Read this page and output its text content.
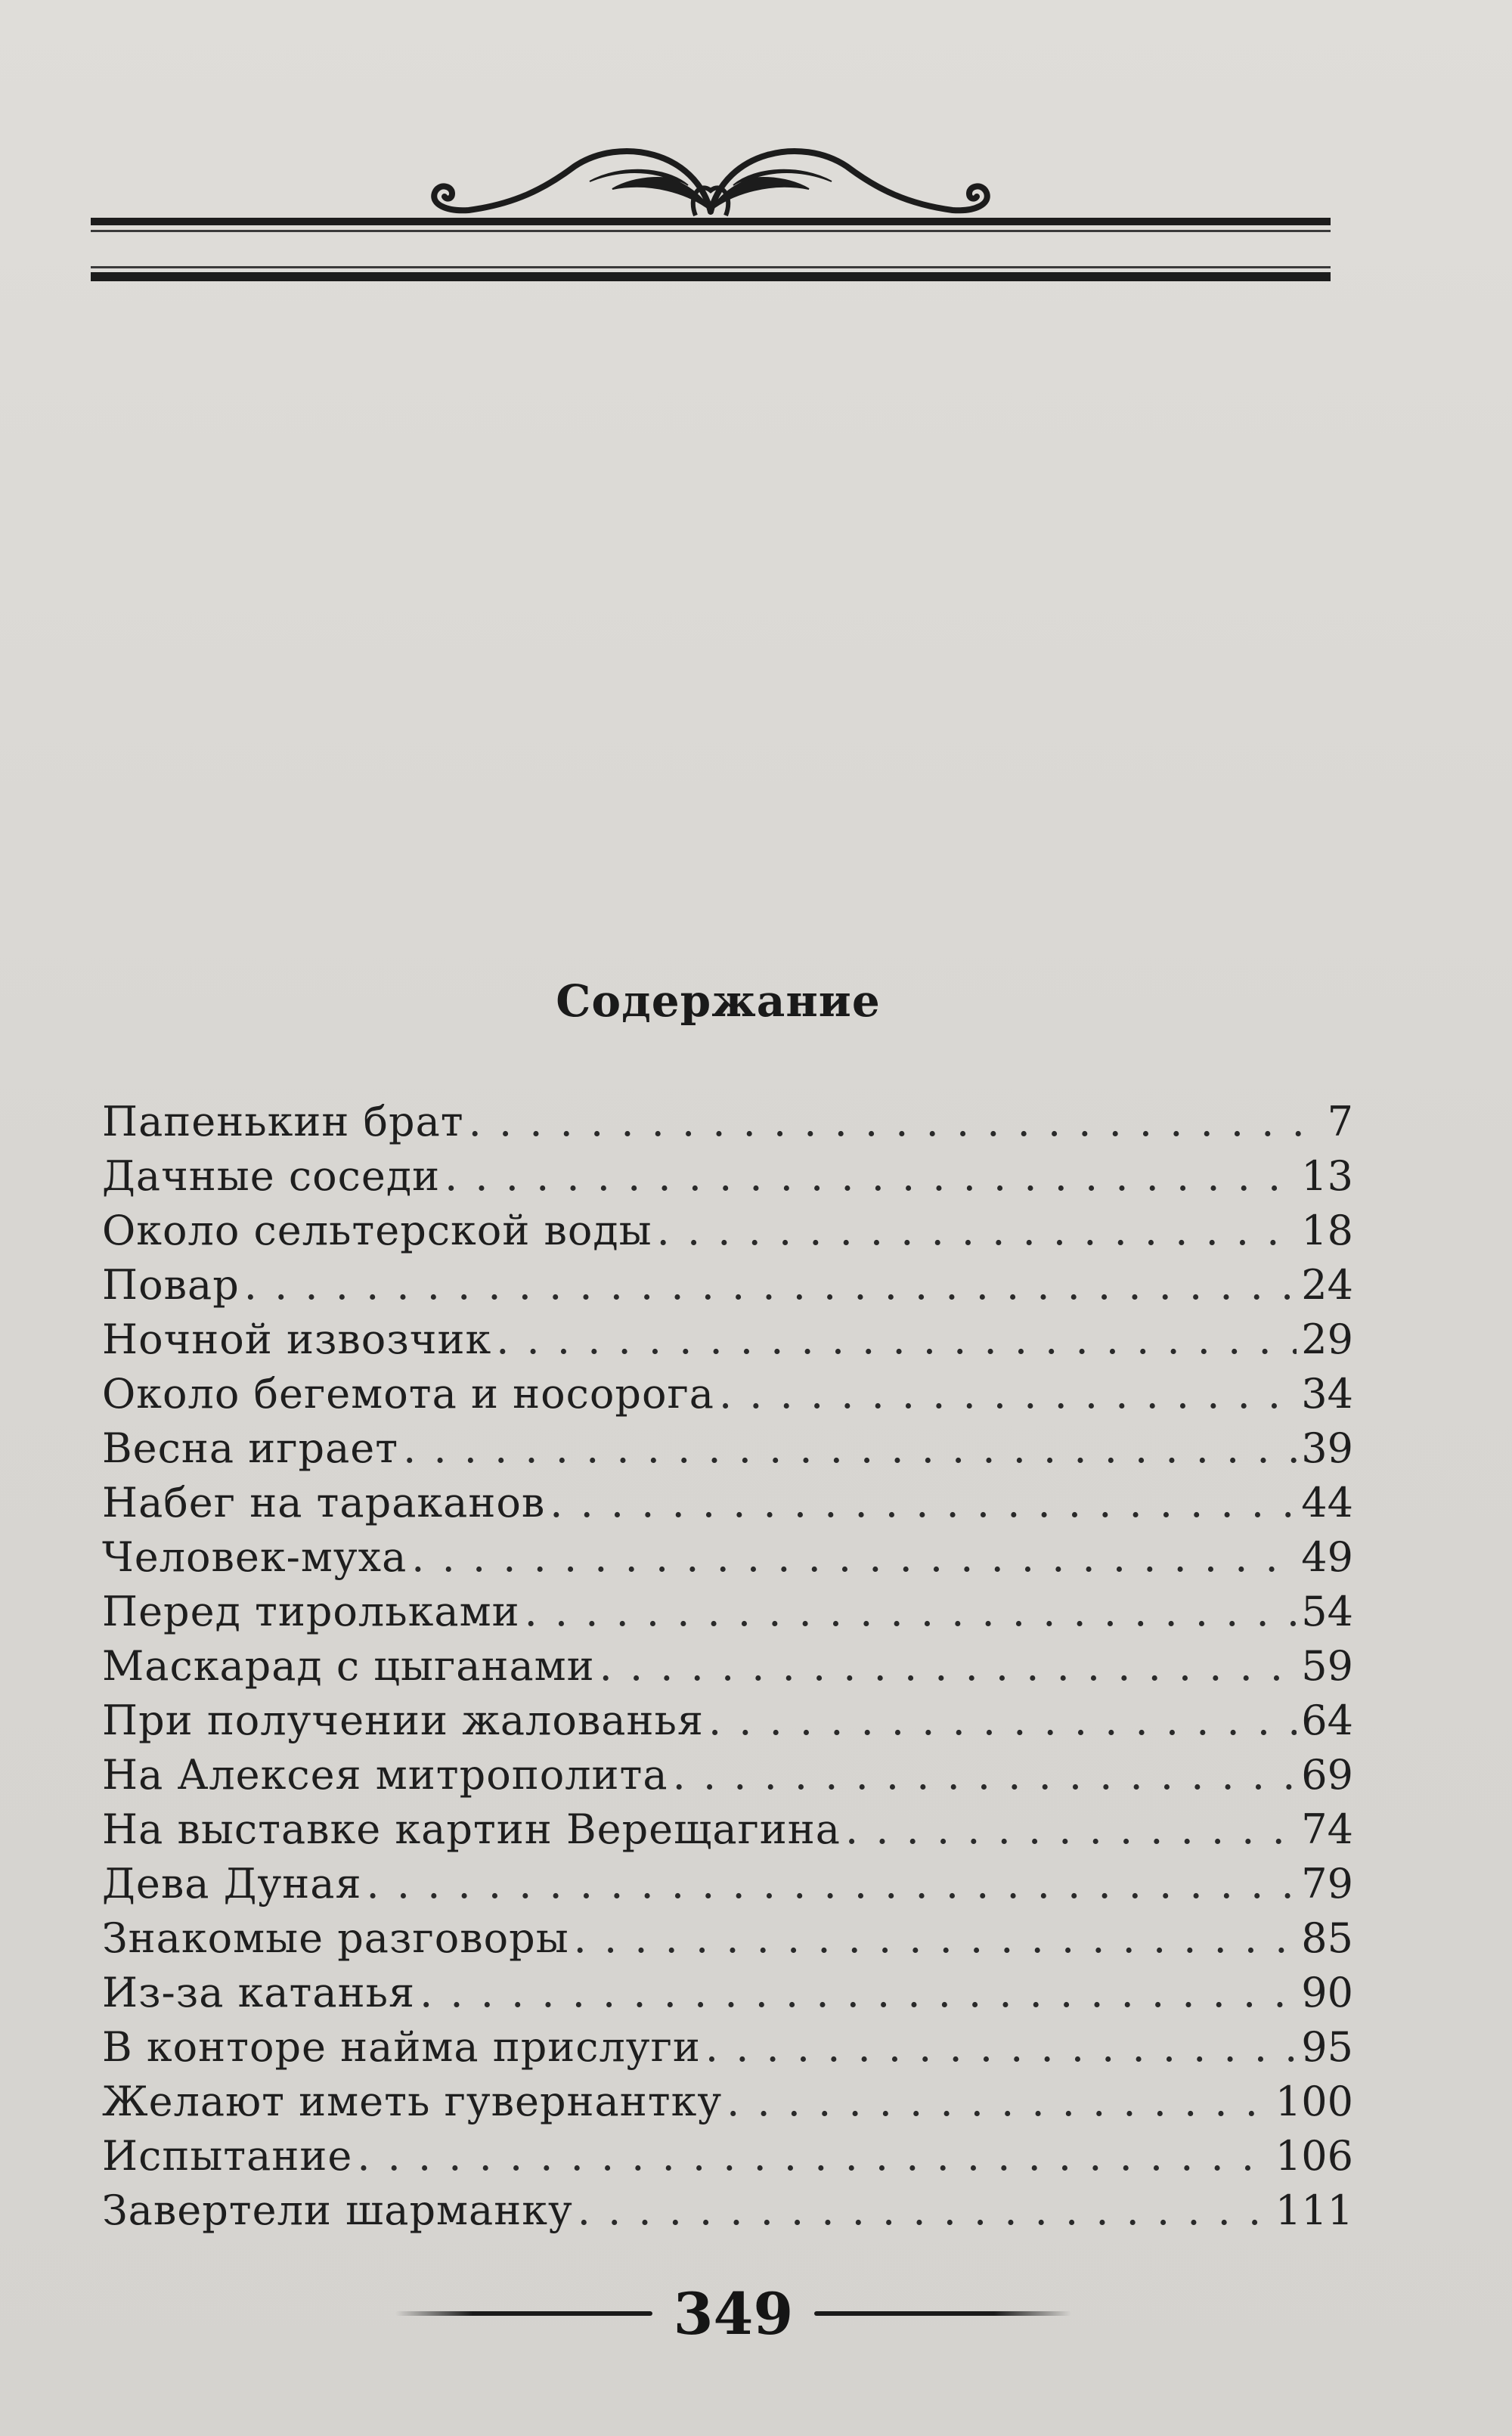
Содержание
Папенькин брат . . .	7
Дачные соседи . . .	13
Около сельтерской воды . . .	18
Повар . . .	24
Ночной извозчик . . .	29
Около бегемота и носорога . . .	34
Весна играет . . .	39
Набег на тараканов . . .	44
Человек-муха . . .	49
Перед тирольками . . .	54
Маскарад с цыганами . . .	59
При получении жалованья . . .	64
На Алексея митрополита . . .	69
На выставке картин Верещагина . . .	74
Дева Дуная . . .	79
Знакомые разговоры . . .	85
Из-за катанья . . .	90
В конторе найма прислуги . . .	95
Желают иметь гувернантку . . .	100
Испытание . . .	106
Завертели шарманку . . .	111
349
